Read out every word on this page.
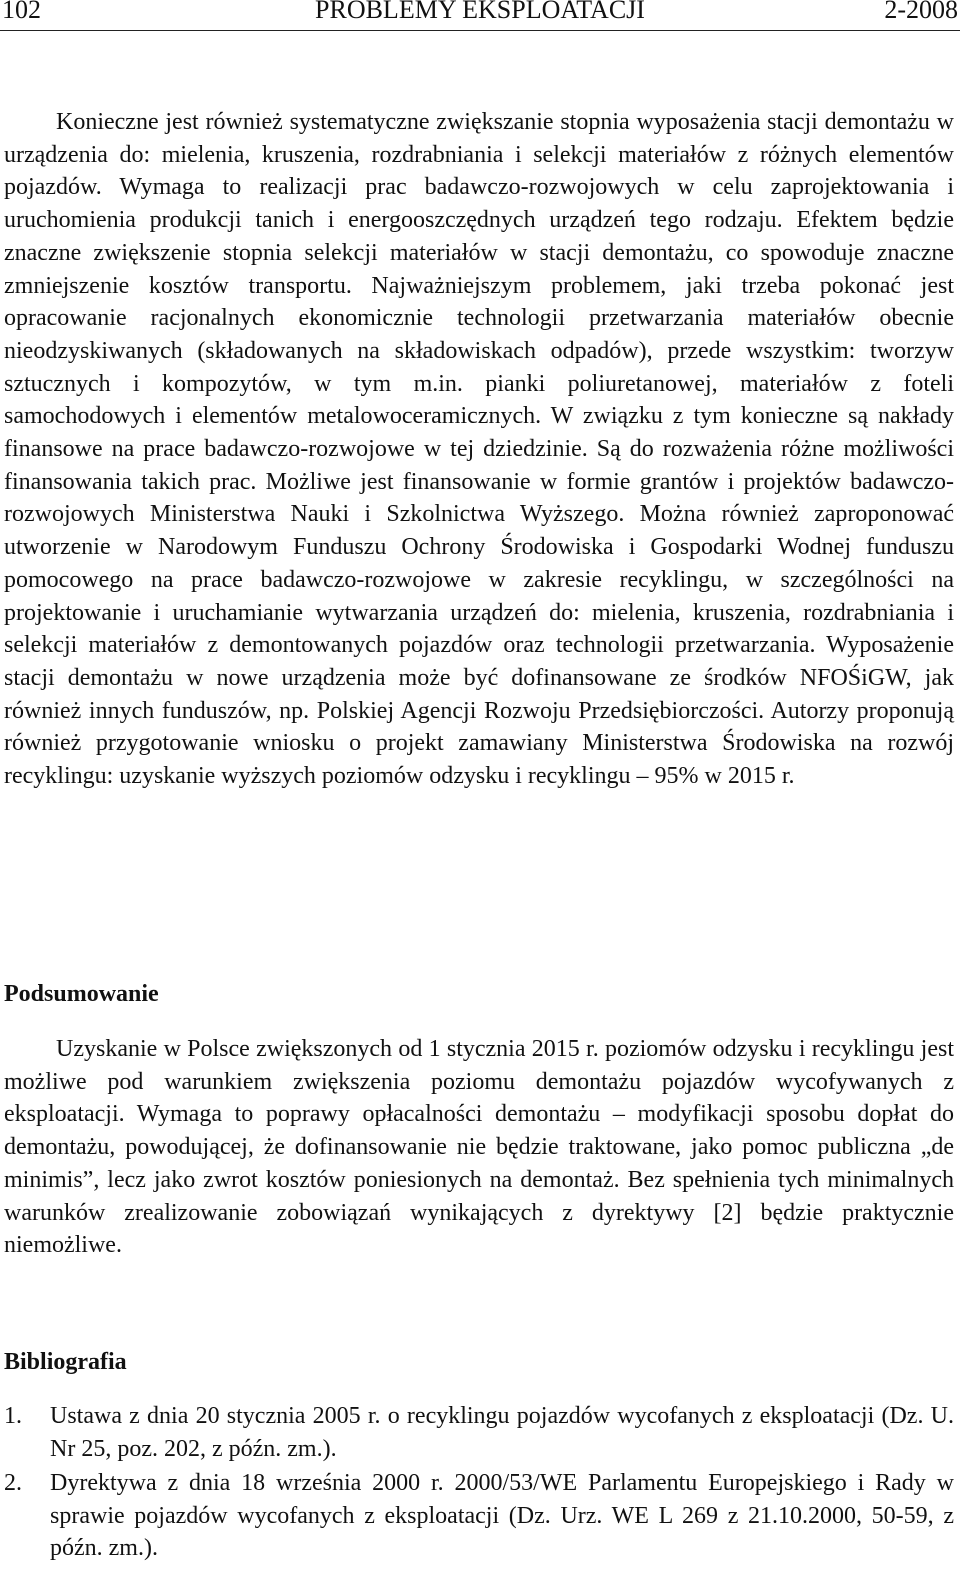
102	PROBLEMY EKSPLOATACJI	2-2008

Konieczne jest również systematyczne zwiększanie stopnia wyposażenia stacji demontażu w urządzenia do: mielenia, kruszenia, rozdrabniania i selekcji materiałów z różnych elementów pojazdów. Wymaga to realizacji prac badawczo-rozwojowych w celu zaprojektowania i uruchomienia produkcji tanich i energooszczędnych urządzeń tego rodzaju. Efektem będzie znaczne zwiększenie stopnia selekcji materiałów w stacji demontażu, co spowoduje znaczne zmniejszenie kosztów transportu. Najważniejszym problemem, jaki trzeba pokonać jest opracowanie racjonalnych ekonomicznie technologii przetwarzania materiałów obecnie nieodzyskiwanych (składowanych na składowiskach odpadów), przede wszystkim: tworzyw sztucznych i kompozytów, w tym m.in. pianki poliuretanowej, materiałów z foteli samochodowych i elementów metalowoceramicznych. W związku z tym konieczne są nakłady finansowe na prace badawczo-rozwojowe w tej dziedzinie. Są do rozważenia różne możliwości finansowania takich prac. Możliwe jest finansowanie w formie grantów i projektów badawczo-rozwojowych Ministerstwa Nauki i Szkolnictwa Wyższego. Można również zaproponować utworzenie w Narodowym Funduszu Ochrony Środowiska i Gospodarki Wodnej funduszu pomocowego na prace badawczo-rozwojowe w zakresie recyklingu, w szczególności na projektowanie i uruchamianie wytwarzania urządzeń do: mielenia, kruszenia, rozdrabniania i selekcji materiałów z demontowanych pojazdów oraz technologii przetwarzania. Wyposażenie stacji demontażu w nowe urządzenia może być dofinansowane ze środków NFOŚiGW, jak również innych funduszów, np. Polskiej Agencji Rozwoju Przedsiębiorczości. Autorzy proponują również przygotowanie wniosku o projekt zamawiany Ministerstwa Środowiska na rozwój recyklingu: uzyskanie wyższych poziomów odzysku i recyklingu – 95% w 2015 r.

Podsumowanie

Uzyskanie w Polsce zwiększonych od 1 stycznia 2015 r. poziomów odzysku i recyklingu jest możliwe pod warunkiem zwiększenia poziomu demontażu pojazdów wycofywanych z eksploatacji. Wymaga to poprawy opłacalności demontażu – modyfikacji sposobu dopłat do demontażu, powodującej, że dofinansowanie nie będzie traktowane, jako pomoc publiczna „de minimis”, lecz jako zwrot kosztów poniesionych na demontaż. Bez spełnienia tych minimalnych warunków zrealizowanie zobowiązań wynikających z dyrektywy [2] będzie praktycznie niemożliwe.

Bibliografia
1. Ustawa z dnia 20 stycznia 2005 r. o recyklingu pojazdów wycofanych z eksploatacji (Dz. U. Nr 25, poz. 202, z późn. zm.).
2. Dyrektywa z dnia 18 września 2000 r. 2000/53/WE Parlamentu Europejskiego i Rady w sprawie pojazdów wycofanych z eksploatacji (Dz. Urz. WE L 269 z 21.10.2000, 50-59, z późn. zm.).
